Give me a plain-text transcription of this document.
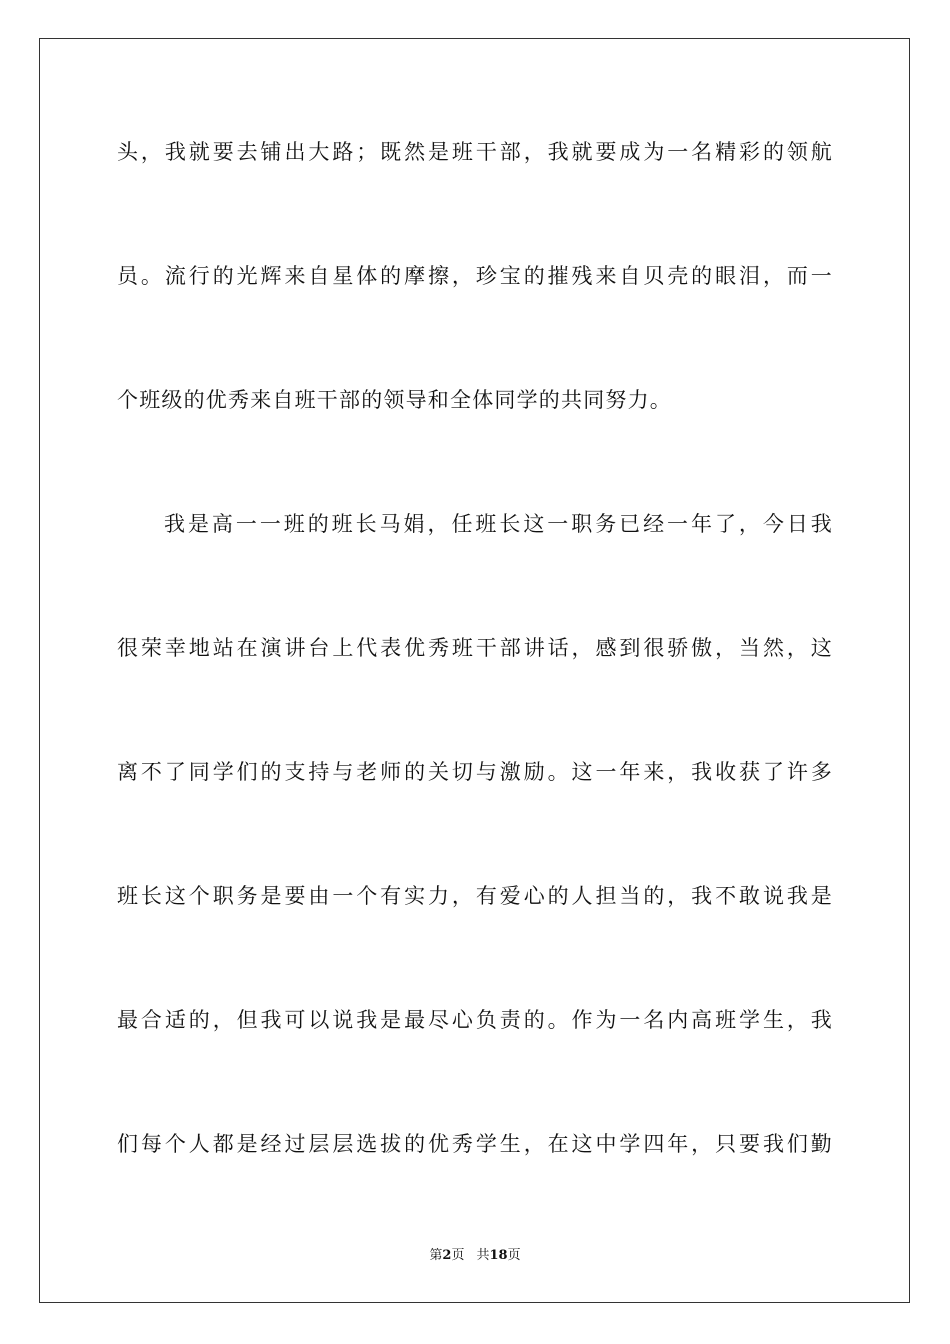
头，我就要去铺出大路；既然是班干部，我就要成为一名精彩的领航
员。流行的光辉来自星体的摩擦，珍宝的摧残来自贝壳的眼泪，而一
个班级的优秀来自班干部的领导和全体同学的共同努力。
我是高一一班的班长马娟，任班长这一职务已经一年了，今日我
很荣幸地站在演讲台上代表优秀班干部讲话，感到很骄傲，当然，这
离不了同学们的支持与老师的关切与激励。这一年来，我收获了许多
班长这个职务是要由一个有实力，有爱心的人担当的，我不敢说我是
最合适的，但我可以说我是最尽心负责的。作为一名内高班学生，我
们每个人都是经过层层选拔的优秀学生，在这中学四年，只要我们勤
第2页 共18页
